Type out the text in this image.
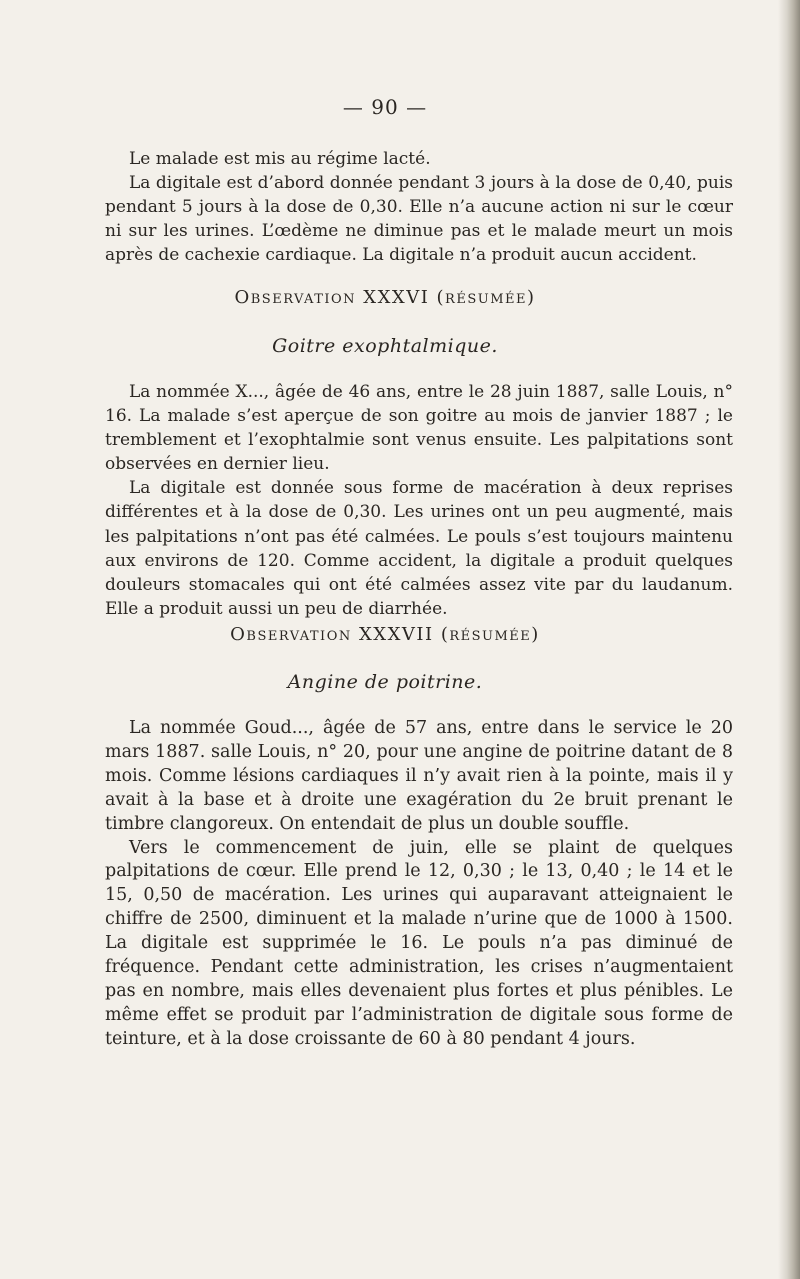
— 90 —

Le malade est mis au régime lacté.

La digitale est d’abord donnée pendant 3 jours à la dose de 0,40, puis pendant 5 jours à la dose de 0,30. Elle n’a aucune action ni sur le cœur ni sur les urines. L’œdème ne diminue pas et le malade meurt un mois après de cachexie cardiaque. La digitale n’a produit aucun accident.

Observation XXXVI (résumée)
Goitre exophtalmique.

La nommée X..., âgée de 46 ans, entre le 28 juin 1887, salle Louis, n° 16. La malade s’est aperçue de son goitre au mois de janvier 1887 ; le tremblement et l’exophtalmie sont venus ensuite. Les palpitations sont observées en dernier lieu.

La digitale est donnée sous forme de macération à deux reprises différentes et à la dose de 0,30. Les urines ont un peu augmenté, mais les palpitations n’ont pas été calmées. Le pouls s’est toujours maintenu aux environs de 120. Comme accident, la digitale a produit quelques douleurs stomacales qui ont été calmées assez vite par du laudanum. Elle a produit aussi un peu de diarrhée.

Observation XXXVII (résumée)
Angine de poitrine.

La nommée Goud..., âgée de 57 ans, entre dans le service le 20 mars 1887. salle Louis, n° 20, pour une angine de poitrine datant de 8 mois. Comme lésions cardiaques il n’y avait rien à la pointe, mais il y avait à la base et à droite une exagération du 2e bruit prenant le timbre clangoreux. On entendait de plus un double souffle.

Vers le commencement de juin, elle se plaint de quelques palpitations de cœur. Elle prend le 12, 0,30 ; le 13, 0,40 ; le 14 et le 15, 0,50 de macération. Les urines qui auparavant atteignaient le chiffre de 2500, diminuent et la malade n’urine que de 1000 à 1500. La digitale est supprimée le 16. Le pouls n’a pas diminué de fréquence. Pendant cette administration, les crises n’augmentaient pas en nombre, mais elles devenaient plus fortes et plus pénibles. Le même effet se produit par l’administration de digitale sous forme de teinture, et à la dose croissante de 60 à 80 pendant 4 jours.
